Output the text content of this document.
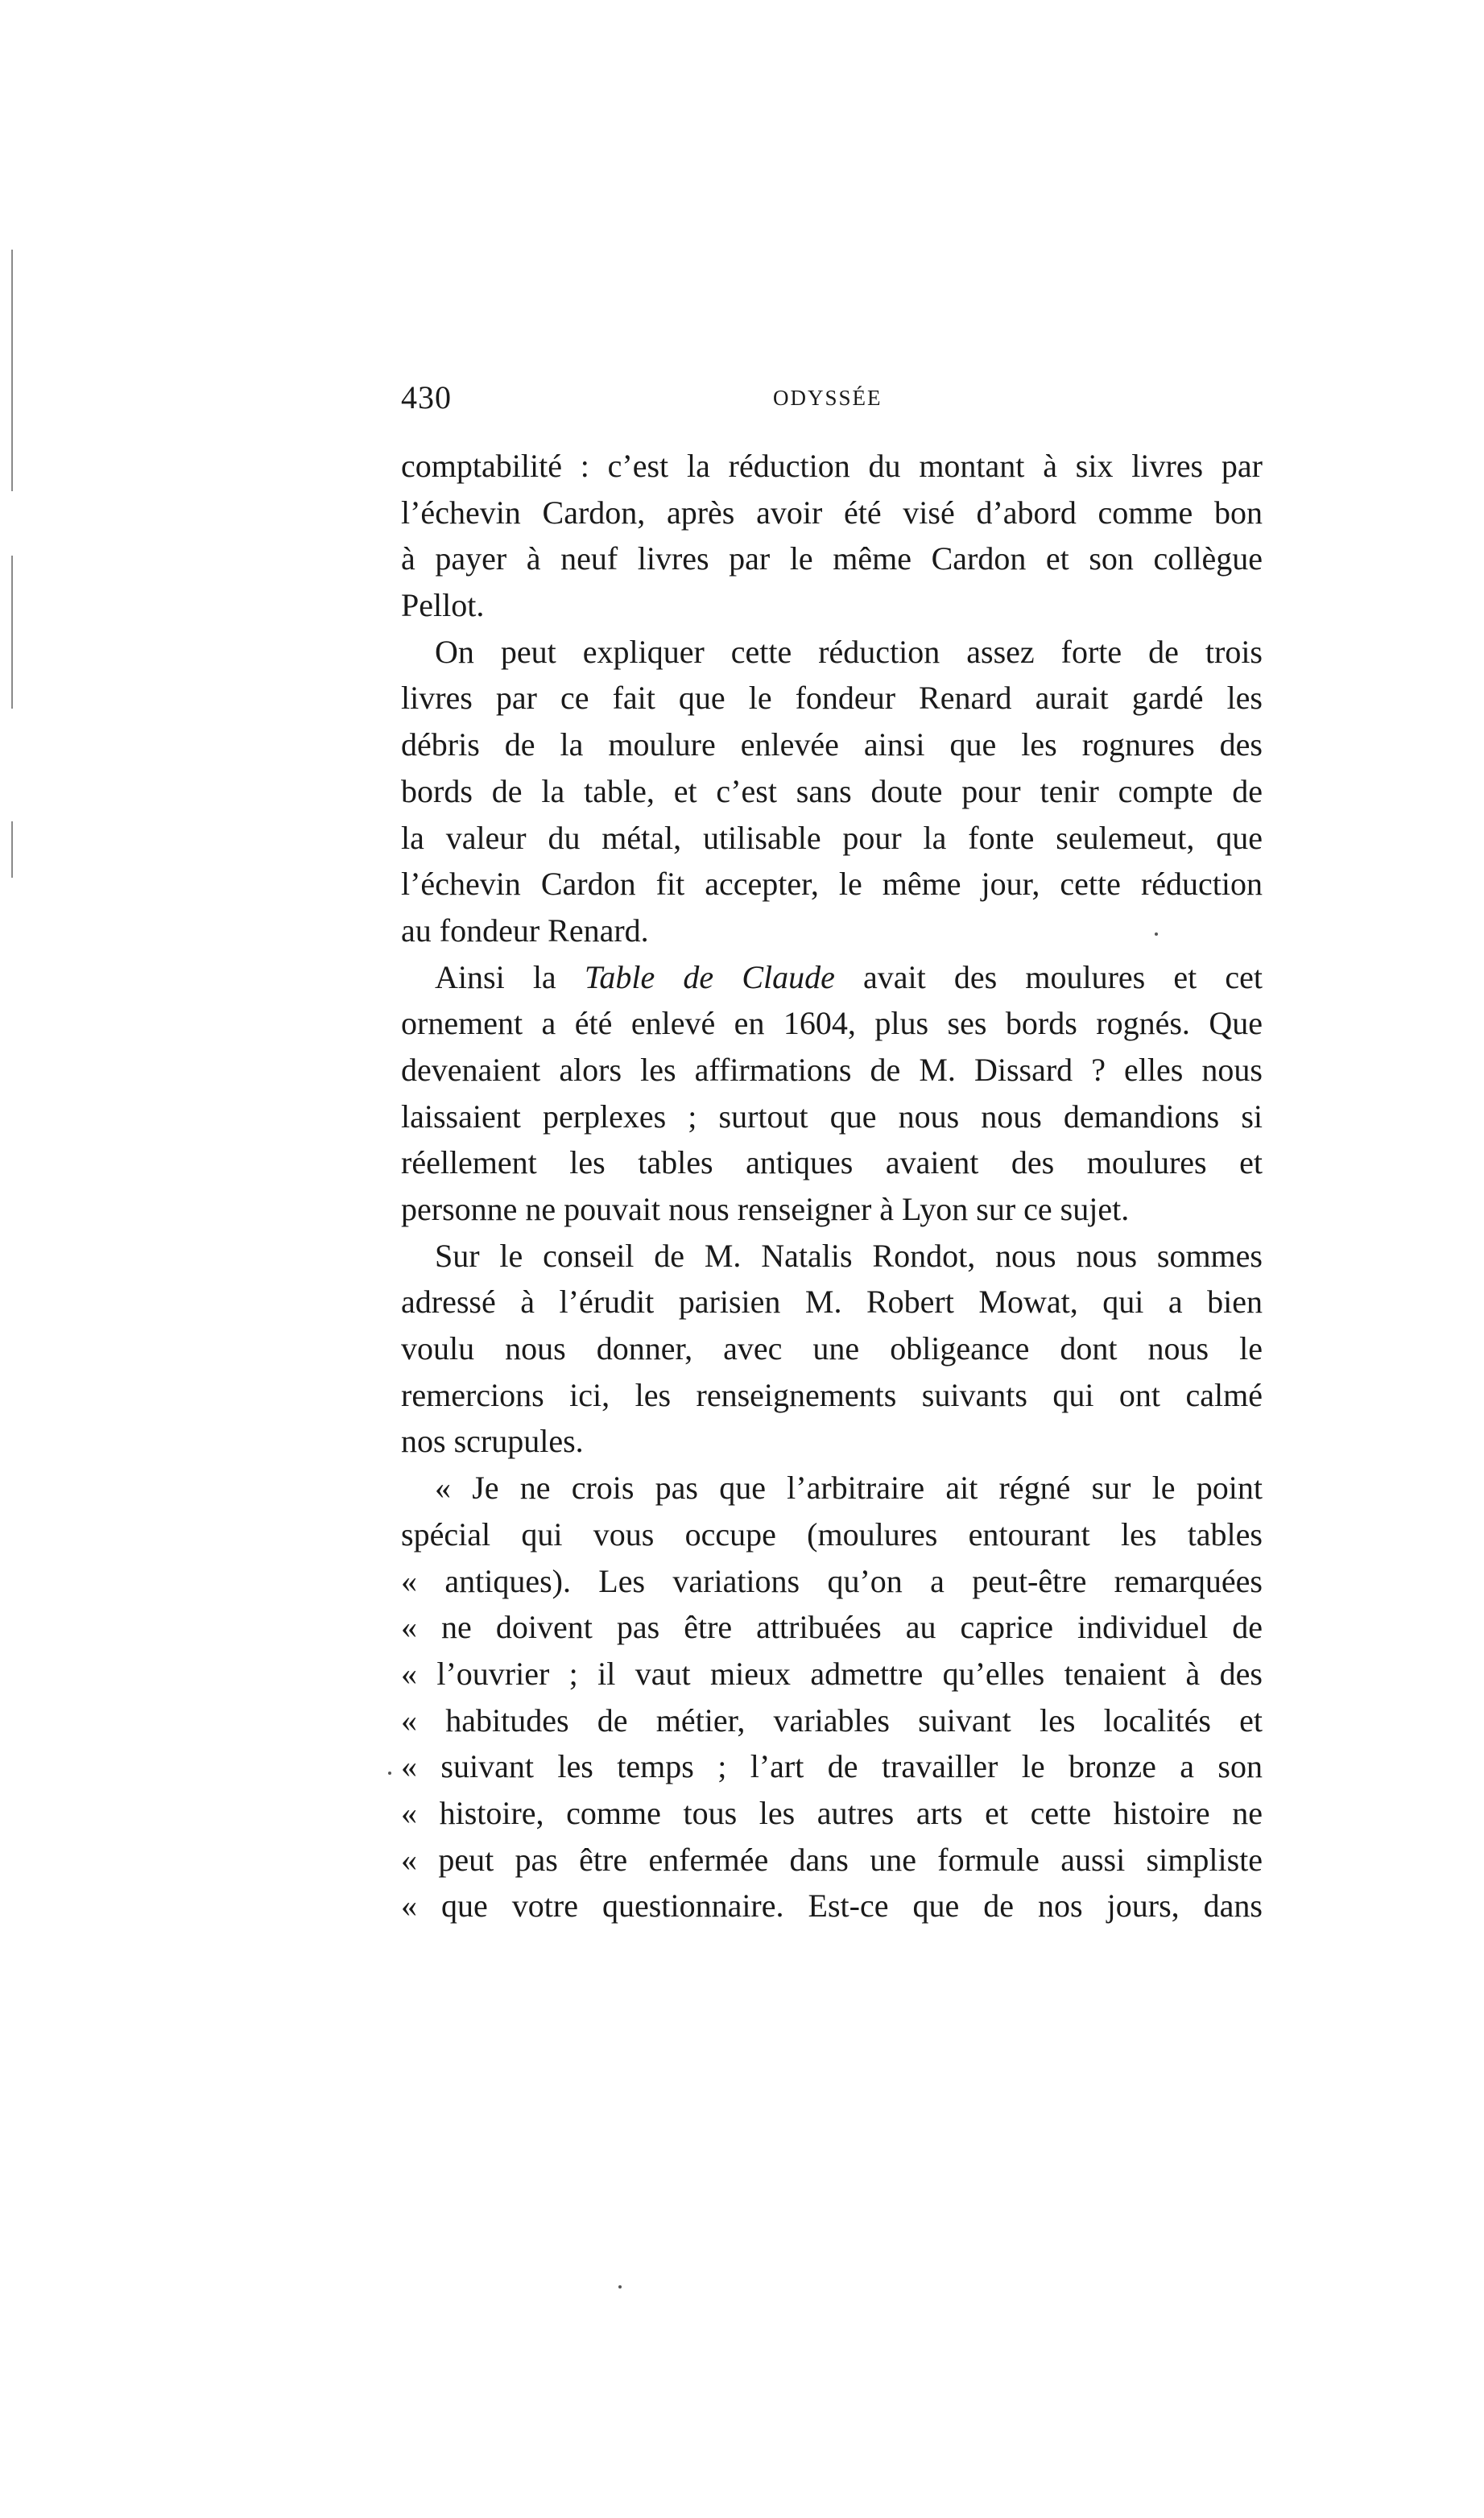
430	ODYSSÉE
comptabilité : c’est la réduction du montant à six livres par
l’échevin Cardon, après avoir été visé d’abord comme bon
à payer à neuf livres par le même Cardon et son collègue
Pellot.
On peut expliquer cette réduction assez forte de trois
livres par ce fait que le fondeur Renard aurait gardé les
débris de la moulure enlevée ainsi que les rognures des
bords de la table, et c’est sans doute pour tenir compte de
la valeur du métal, utilisable pour la fonte seulemeut, que
l’échevin Cardon fit accepter, le même jour, cette réduction
au fondeur Renard.
Ainsi la Table de Claude avait des moulures et cet
ornement a été enlevé en 1604, plus ses bords rognés. Que
devenaient alors les affirmations de M. Dissard ? elles nous
laissaient perplexes ; surtout que nous nous demandions si
réellement les tables antiques avaient des moulures et
personne ne pouvait nous renseigner à Lyon sur ce sujet.
Sur le conseil de M. Natalis Rondot, nous nous sommes
adressé à l’érudit parisien M. Robert Mowat, qui a bien
voulu nous donner, avec une obligeance dont nous le
remercions ici, les renseignements suivants qui ont calmé
nos scrupules.
« Je ne crois pas que l’arbitraire ait régné sur le point
spécial qui vous occupe (moulures entourant les tables
« antiques). Les variations qu’on a peut-être remarquées
« ne doivent pas être attribuées au caprice individuel de
« l’ouvrier ; il vaut mieux admettre qu’elles tenaient à des
« habitudes de métier, variables suivant les localités et
« suivant les temps ; l’art de travailler le bronze a son
« histoire, comme tous les autres arts et cette histoire ne
« peut pas être enfermée dans une formule aussi simpliste
« que votre questionnaire. Est-ce que de nos jours, dans
